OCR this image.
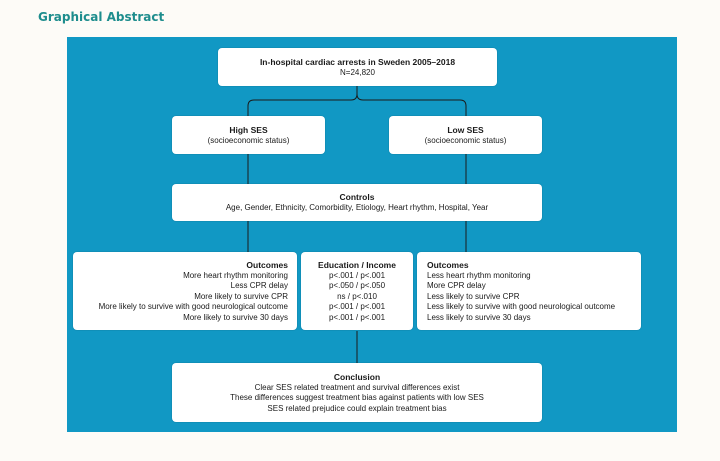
Graphical Abstract
In-hospital cardiac arrests in Sweden 2005–2018
N=24,820
High SES
(socioeconomic status)
Low SES
(socioeconomic status)
Controls
Age, Gender, Ethnicity, Comorbidity, Etiology, Heart rhythm, Hospital, Year
Outcomes
More heart rhythm monitoring
Less CPR delay
More likely to survive CPR
More likely to survive with good neurological outcome
More likely to survive 30 days
Education / Income
p<.001 / p<.001
p<.050 / p<.050
ns / p<.010
p<.001 / p<.001
p<.001 / p<.001
Outcomes
Less heart rhythm monitoring
More CPR delay
Less likely to survive CPR
Less likely to survive with good neurological outcome
Less likely to survive 30 days
Conclusion
Clear SES related treatment and survival differences exist
These differences suggest treatment bias against patients with low SES
SES related prejudice could explain treatment bias
